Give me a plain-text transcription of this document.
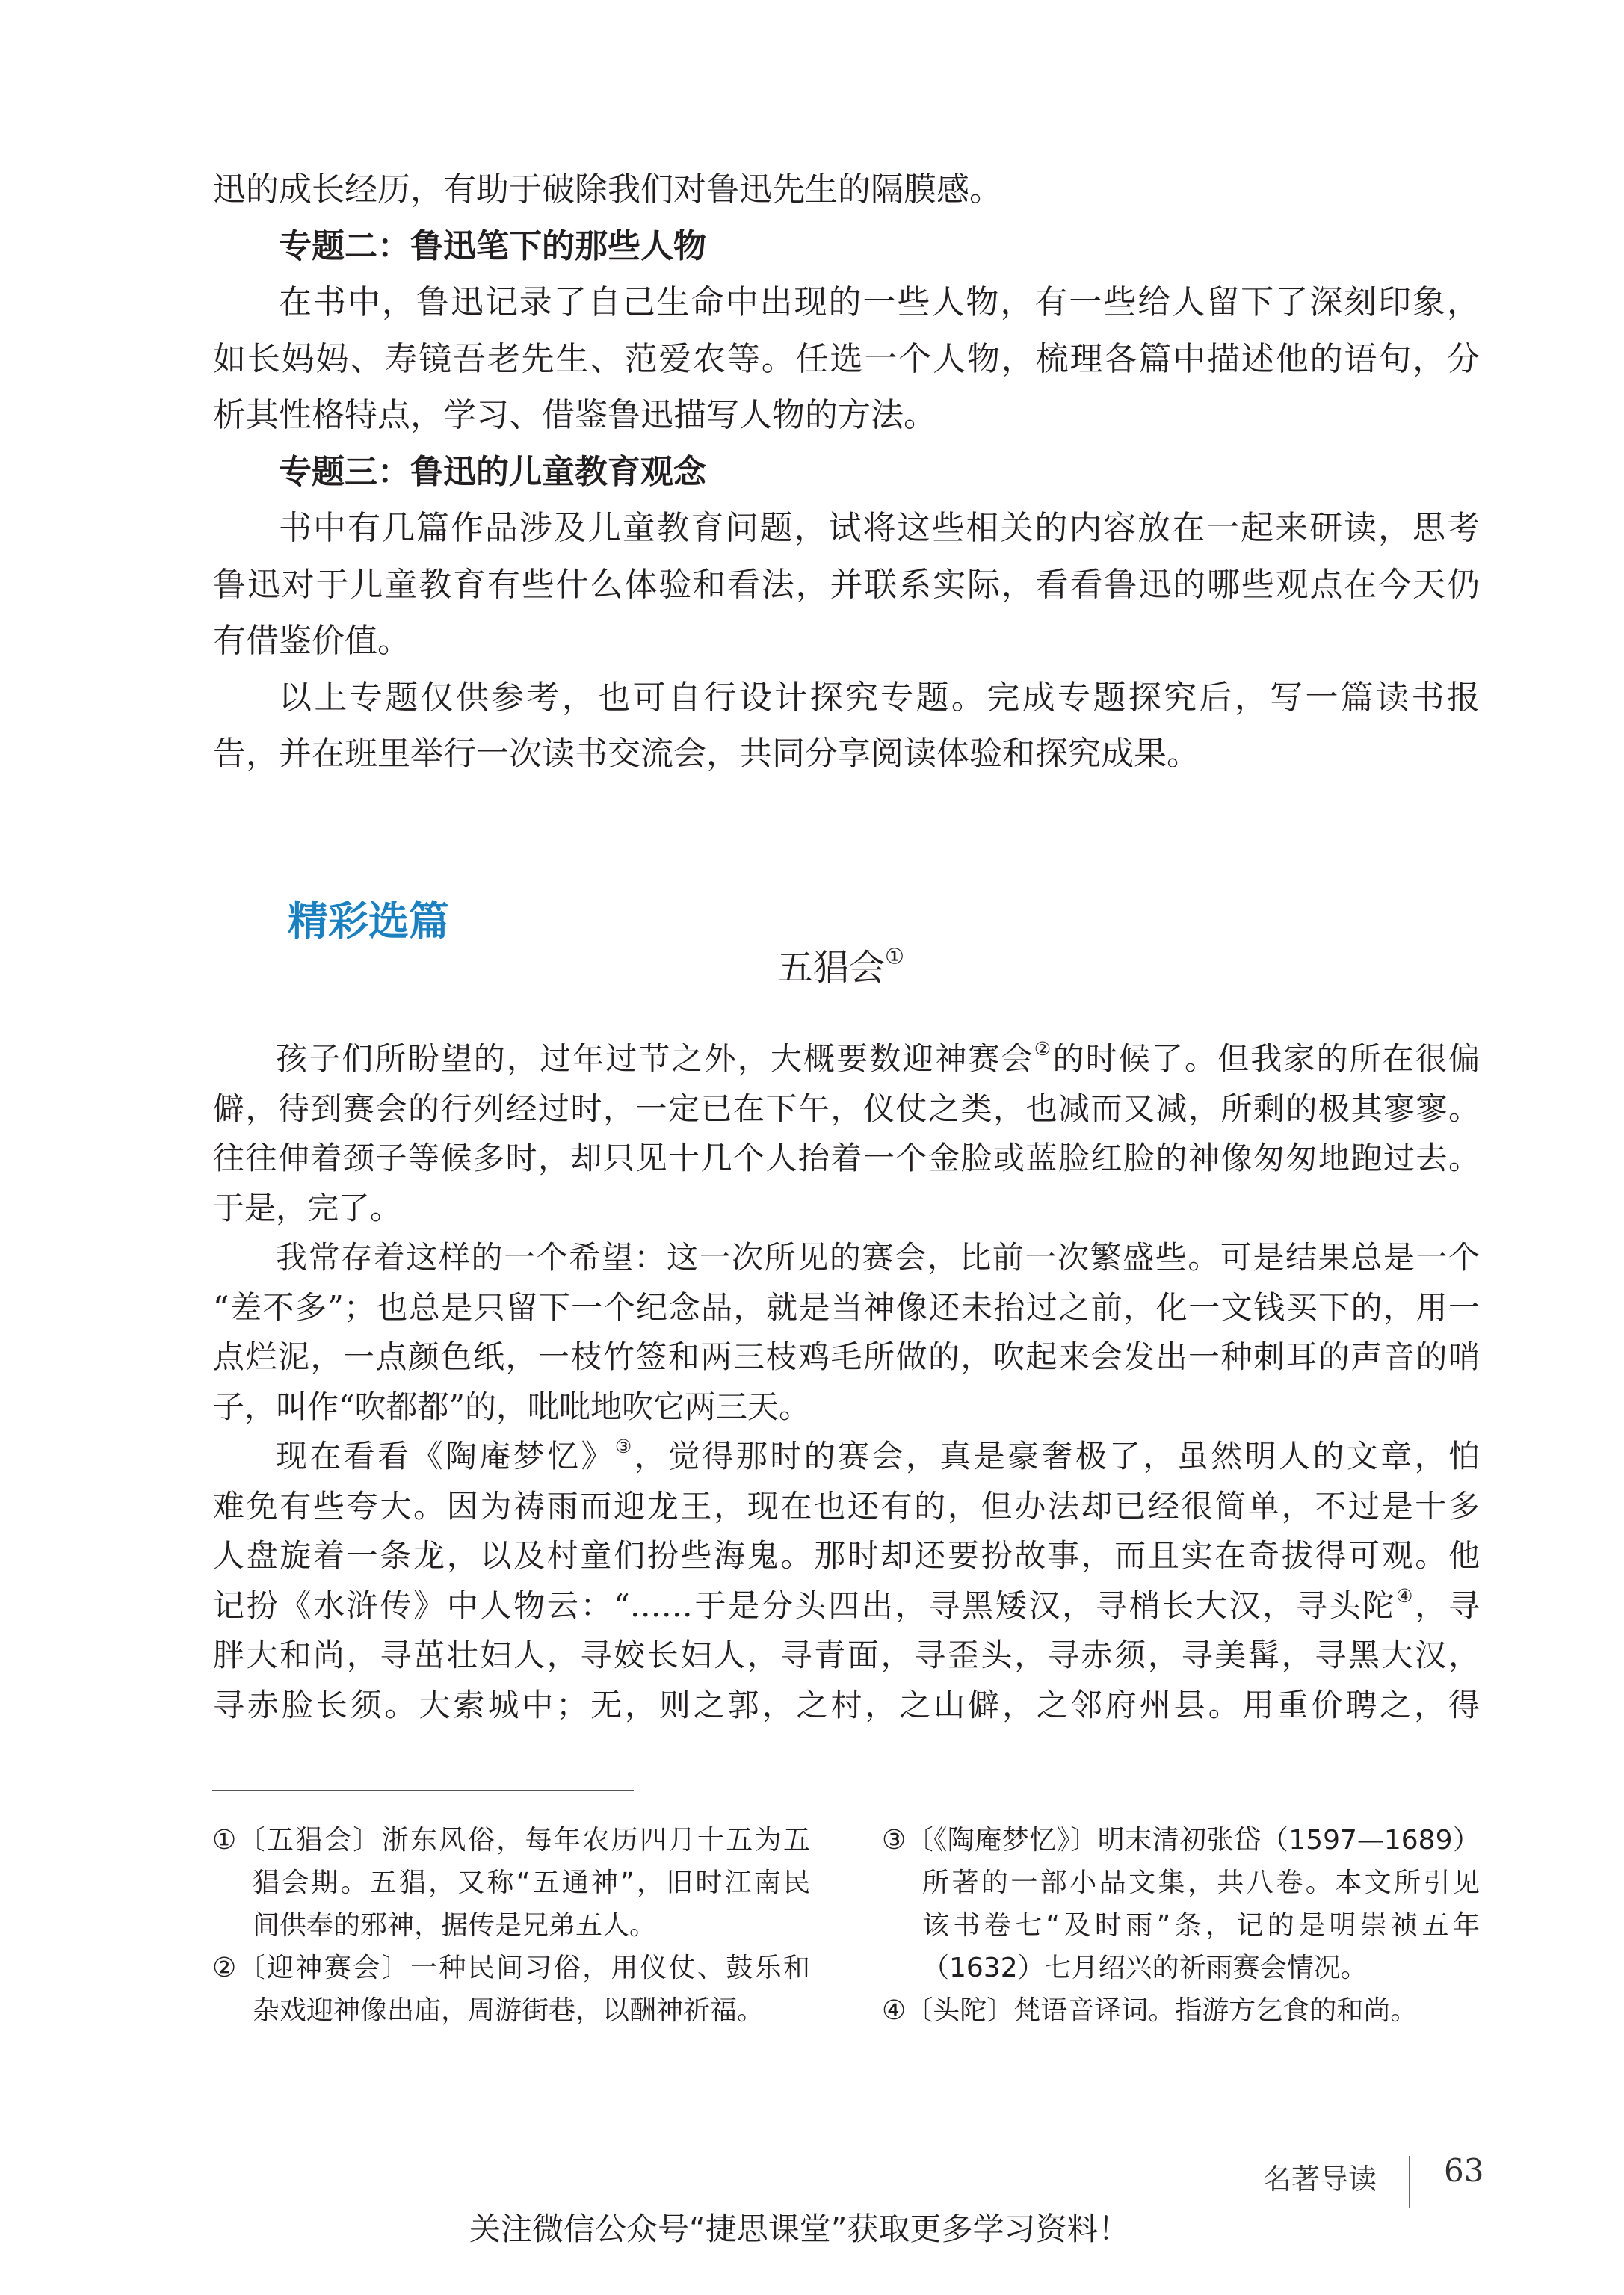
迅的成长经历，有助于破除我们对鲁迅先生的隔膜感。
专题二：鲁迅笔下的那些人物
在书中，鲁迅记录了自己生命中出现的一些人物，有一些给人留下了深刻印象，
如长妈妈、寿镜吾老先生、范爱农等。任选一个人物，梳理各篇中描述他的语句，分
析其性格特点，学习、借鉴鲁迅描写人物的方法。
专题三：鲁迅的儿童教育观念
书中有几篇作品涉及儿童教育问题，试将这些相关的内容放在一起来研读，思考
鲁迅对于儿童教育有些什么体验和看法，并联系实际，看看鲁迅的哪些观点在今天仍
有借鉴价值。
以上专题仅供参考，也可自行设计探究专题。完成专题探究后，写一篇读书报
告，并在班里举行一次读书交流会，共同分享阅读体验和探究成果。
精彩选篇
五猖会①
孩子们所盼望的，过年过节之外，大概要数迎神赛会②的时候了。但我家的所在很偏
僻，待到赛会的行列经过时，一定已在下午，仪仗之类，也减而又减，所剩的极其寥寥。
往往伸着颈子等候多时，却只见十几个人抬着一个金脸或蓝脸红脸的神像匆匆地跑过去。
于是，完了。
我常存着这样的一个希望：这一次所见的赛会，比前一次繁盛些。可是结果总是一个
“差不多”；也总是只留下一个纪念品，就是当神像还未抬过之前，化一文钱买下的，用一
点烂泥，一点颜色纸，一枝竹签和两三枝鸡毛所做的，吹起来会发出一种刺耳的声音的哨
子，叫作“吹都都”的，吡吡地吹它两三天。
现在看看《陶庵梦忆》③，觉得那时的赛会，真是豪奢极了，虽然明人的文章，怕
难免有些夸大。因为祷雨而迎龙王，现在也还有的，但办法却已经很简单，不过是十多
人盘旋着一条龙，以及村童们扮些海鬼。那时却还要扮故事，而且实在奇拔得可观。他
记扮《水浒传》中人物云：“……于是分头四出，寻黑矮汉，寻梢长大汉，寻头陀④，寻
胖大和尚，寻茁壮妇人，寻姣长妇人，寻青面，寻歪头，寻赤须，寻美髯，寻黑大汉，
寻赤脸长须。大索城中；无，则之郭，之村，之山僻，之邻府州县。用重价聘之，得
①〔五猖会〕浙东风俗，每年农历四月十五为五
猖会期。五猖，又称“五通神”，旧时江南民
间供奉的邪神，据传是兄弟五人。
②〔迎神赛会〕一种民间习俗，用仪仗、鼓乐和
杂戏迎神像出庙，周游街巷，以酬神祈福。
③〔《陶庵梦忆》〕明末清初张岱（1597—1689）
所著的一部小品文集，共八卷。本文所引见
该书卷七“及时雨”条，记的是明崇祯五年
（1632）七月绍兴的祈雨赛会情况。
④〔头陀〕梵语音译词。指游方乞食的和尚。
名著导读 63
关注微信公众号“捷思课堂”获取更多学习资料！
